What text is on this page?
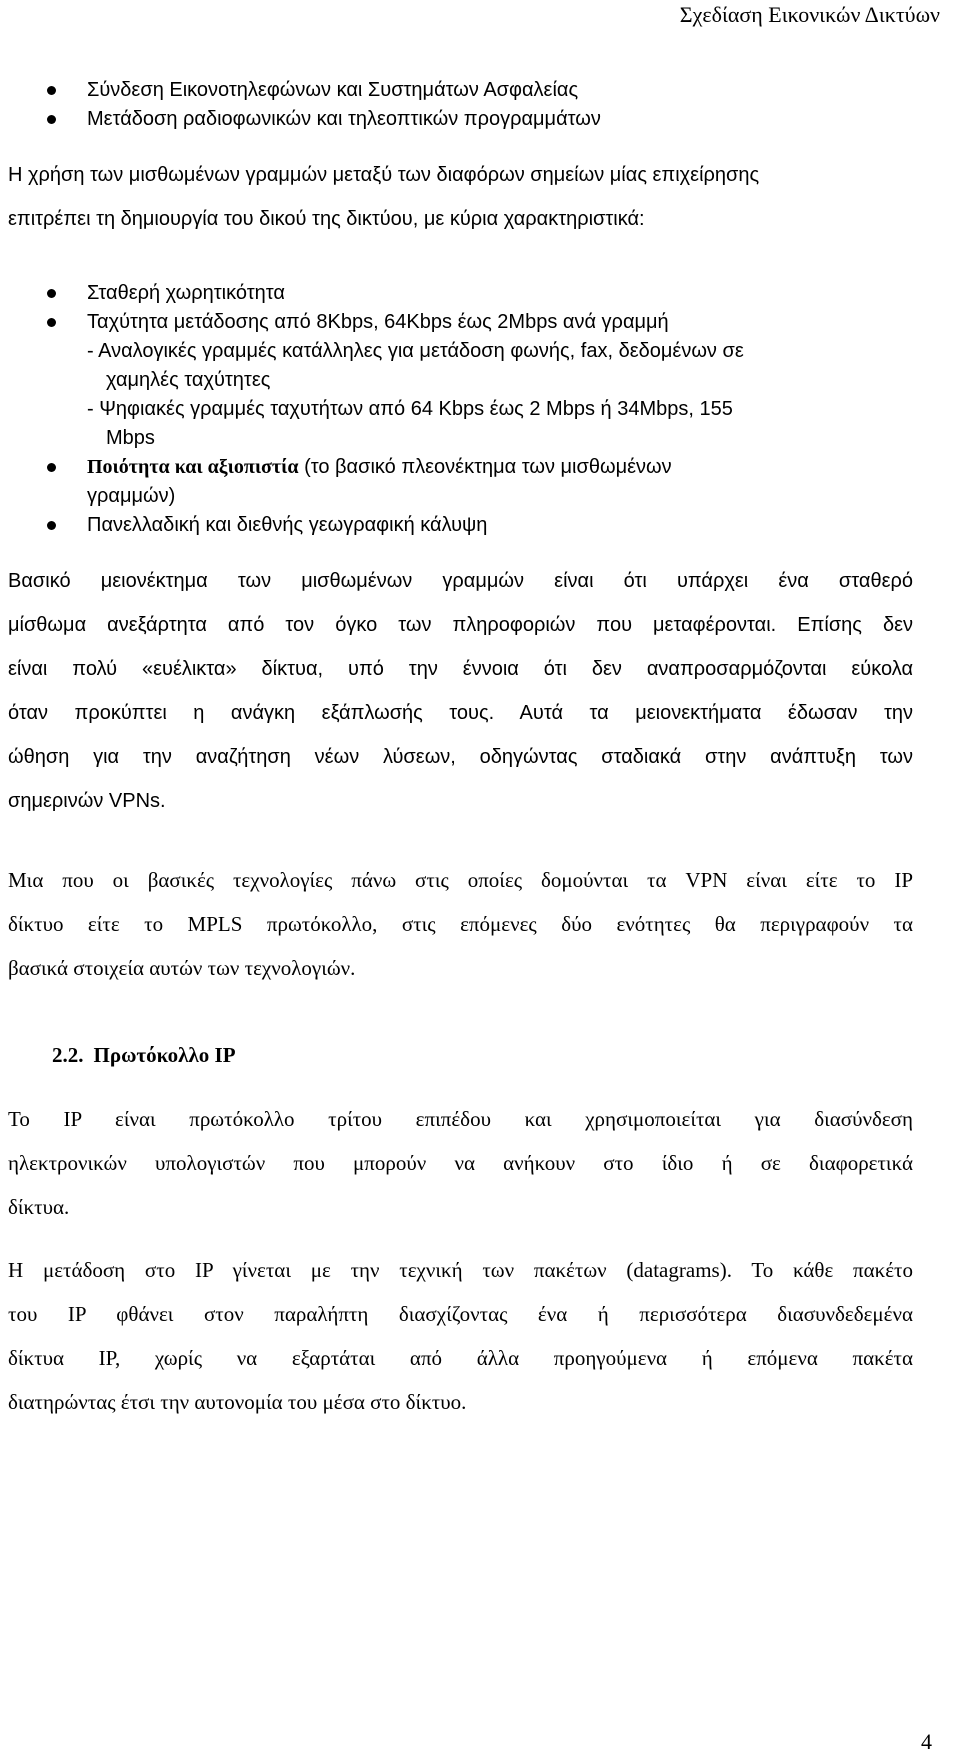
Σχεδίαση Εικονικών Δικτύων
Σύνδεση Εικονοτηλεφώνων και Συστημάτων Ασφαλείας
Μετάδοση ραδιοφωνικών και τηλεοπτικών προγραμμάτων
Η χρήση των μισθωμένων γραμμών μεταξύ των διαφόρων σημείων μίας επιχείρησης
επιτρέπει τη δημιουργία του δικού της δικτύου, με κύρια χαρακτηριστικά:
Σταθερή χωρητικότητα
Ταχύτητα μετάδοσης από 8Kbps, 64Kbps έως 2Mbps ανά γραμμή
- Αναλογικές γραμμές κατάλληλες για μετάδοση φωνής, fax, δεδομένων σε
χαμηλές ταχύτητες
- Ψηφιακές γραμμές ταχυτήτων από 64 Kbps έως 2 Mbps ή 34Mbps, 155
Mbps
Ποιότητα και αξιοπιστία (το βασικό πλεονέκτημα των μισθωμένων
γραμμών)
Πανελλαδική και διεθνής γεωγραφική κάλυψη
Βασικό μειονέκτημα των μισθωμένων γραμμών είναι ότι υπάρχει ένα σταθερό
μίσθωμα ανεξάρτητα από τον όγκο των πληροφοριών που μεταφέρονται. Επίσης δεν
είναι πολύ «ευέλικτα» δίκτυα, υπό την έννοια ότι δεν αναπροσαρμόζονται εύκολα
όταν προκύπτει η ανάγκη εξάπλωσής τους. Αυτά τα μειονεκτήματα έδωσαν την
ώθηση για την αναζήτηση νέων λύσεων, οδηγώντας σταδιακά στην ανάπτυξη των
σημερινών VPNs.
Μια που οι βασικές τεχνολογίες πάνω στις οποίες δομούνται τα VPN είναι είτε το IP
δίκτυο είτε το MPLS πρωτόκολλο, στις επόμενες δύο ενότητες θα περιγραφούν τα
βασικά στοιχεία αυτών των τεχνολογιών.
2.2. Πρωτόκολλο IP
Το IP είναι πρωτόκολλο τρίτου επιπέδου και χρησιμοποιείται για διασύνδεση
ηλεκτρονικών υπολογιστών που μπορούν να ανήκουν στο ίδιο ή σε διαφορετικά
δίκτυα.
Η μετάδοση στο IP γίνεται με την τεχνική των πακέτων (datagrams). Το κάθε πακέτο
του IP φθάνει στον παραλήπτη διασχίζοντας ένα ή περισσότερα διασυνδεδεμένα
δίκτυα IP, χωρίς να εξαρτάται από άλλα προηγούμενα ή επόμενα πακέτα
διατηρώντας έτσι την αυτονομία του μέσα στο δίκτυο.
4
